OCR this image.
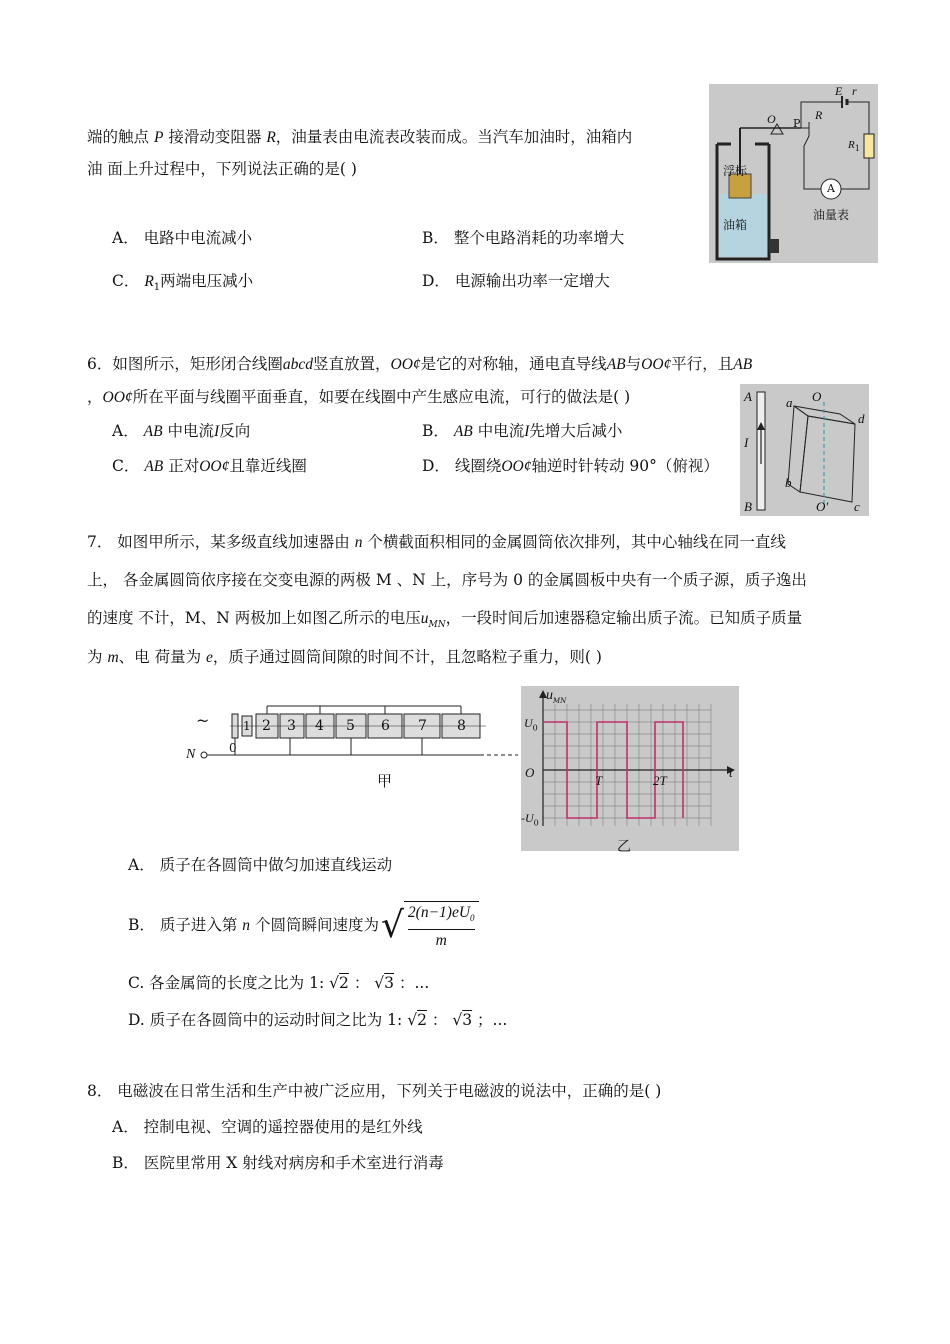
端的触点 P 接滑动变阻器 R，油量表由电流表改装而成。当汽车加油时，油箱内
油 面上升过程中，下列说法正确的是( )
A． 电路中电流减小	B． 整个电路消耗的功率增大
C． $R_1$两端电压减小	D． 电源输出功率一定增大
浮标
油箱
油量表
O P
R
E r
$R_1$
A
6．如图所示，矩形闭合线圈abcd竖直放置，OO¢是它的对称轴，通电直导线AB与OO¢平行，且AB
，OO¢所在平面与线圈平面垂直，如要在线圈中产生感应电流，可行的做法是( )
A． AB 中电流I反向	B． AB 中电流I先增大后减小
C． AB 正对OO¢且靠近线圈	D． 线圈绕OO¢轴逆时针转动 90°（俯视）
A
B
I
a
b
c
d
O
O′
7． 如图甲所示，某多级直线加速器由 n 个横截面积相同的金属圆筒依次排列，其中心轴线在同一直线
上， 各金属圆筒依序接在交变电源的两极 M 、N 上，序号为 0 的金属圆板中央有一个质子源，质子逸出
的速度 不计，M、N 两极加上如图乙所示的电压$u_{MN}$，一段时间后加速器稳定输出质子流。已知质子质量
为 m、电 荷量为 e，质子通过圆筒间隙的时间不计，且忽略粒子重力，则( )
~
N	0
1 2 3 4 5 6 7 8
甲
$u_{MN}$
$U_0$
$-U_0$
O	t
T	2T
乙
A． 质子在各圆筒中做匀加速直线运动
B． 质子进入第 n 个圆筒瞬间速度为√ $\frac{2(n-1)eU_0}{m}$
C. 各金属筒的长度之比为 1: √2 ： √3 ：...
D. 质子在各圆筒中的运动时间之比为 1: √2 ： √3 ；...
8． 电磁波在日常生活和生产中被广泛应用，下列关于电磁波的说法中，正确的是( )
A． 控制电视、空调的遥控器使用的是红外线
B． 医院里常用 X 射线对病房和手术室进行消毒
